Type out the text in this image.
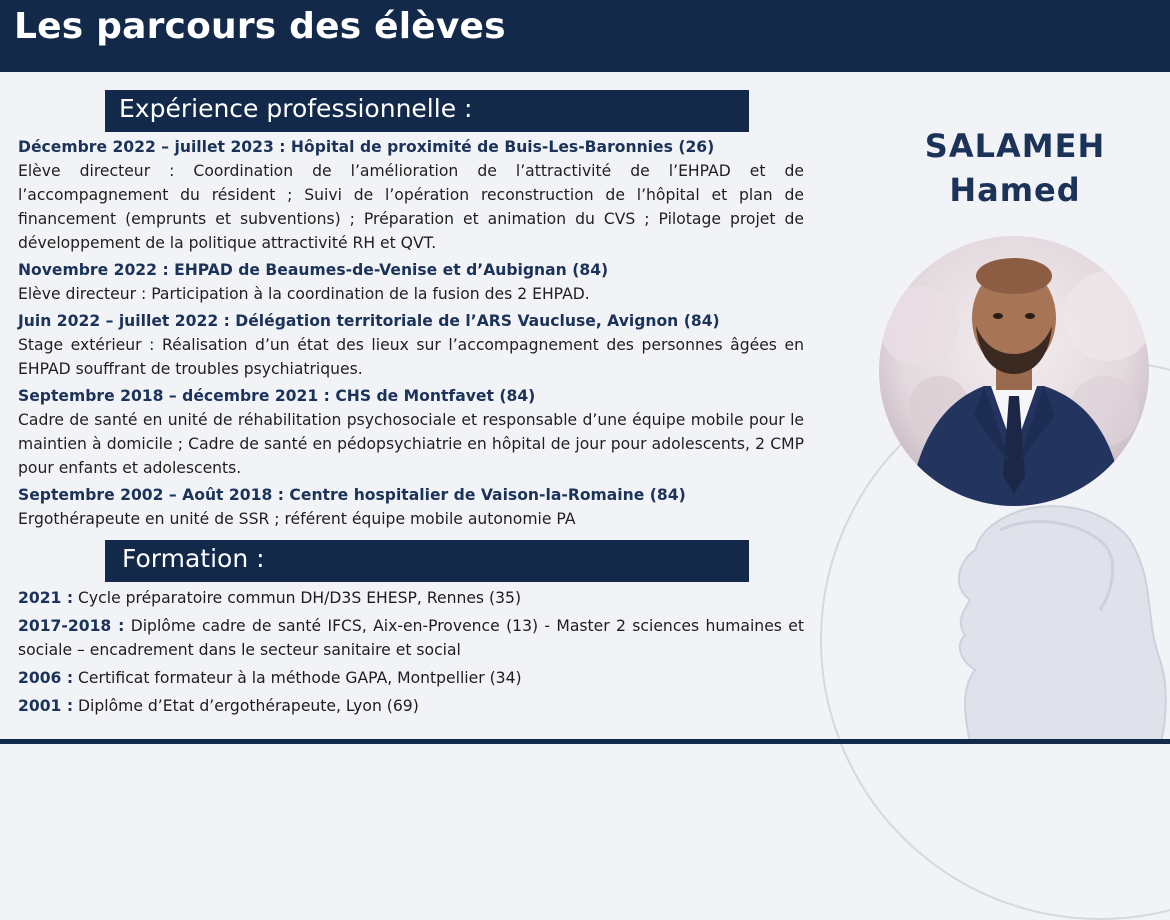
Les parcours des élèves
Expérience professionnelle :
Décembre 2022 – juillet 2023 : Hôpital de proximité de Buis-Les-Baronnies (26)
Elève directeur : Coordination de l’amélioration de l’attractivité de l’EHPAD et de l’accompagnement du résident ; Suivi de l’opération reconstruction de l’hôpital et plan de financement (emprunts et subventions) ; Préparation et animation du CVS ; Pilotage projet de développement de la politique attractivité RH et QVT.
Novembre 2022 : EHPAD de Beaumes-de-Venise et d’Aubignan (84)
Elève directeur : Participation à la coordination de la fusion des 2 EHPAD.
Juin 2022 – juillet 2022 : Délégation territoriale de l’ARS Vaucluse, Avignon (84)
Stage extérieur : Réalisation d’un état des lieux sur l’accompagnement des personnes âgées en EHPAD souffrant de troubles psychiatriques.
Septembre 2018 – décembre 2021 : CHS de Montfavet (84)
Cadre de santé en unité de réhabilitation psychosociale et responsable d’une équipe mobile pour le maintien à domicile ; Cadre de santé en pédopsychiatrie en hôpital de jour pour adolescents, 2 CMP pour enfants et adolescents.
Septembre 2002 – Août 2018 : Centre hospitalier de Vaison-la-Romaine (84)
Ergothérapeute en unité de SSR ; référent équipe mobile autonomie PA
Formation :
2021 : Cycle préparatoire commun DH/D3S EHESP, Rennes (35)
2017-2018 : Diplôme cadre de santé IFCS, Aix-en-Provence (13) - Master 2 sciences humaines et sociale – encadrement dans le secteur sanitaire et social
2006 : Certificat formateur à la méthode GAPA, Montpellier (34)
2001 : Diplôme d’Etat d’ergothérapeute, Lyon (69)
SALAMEH
Hamed
